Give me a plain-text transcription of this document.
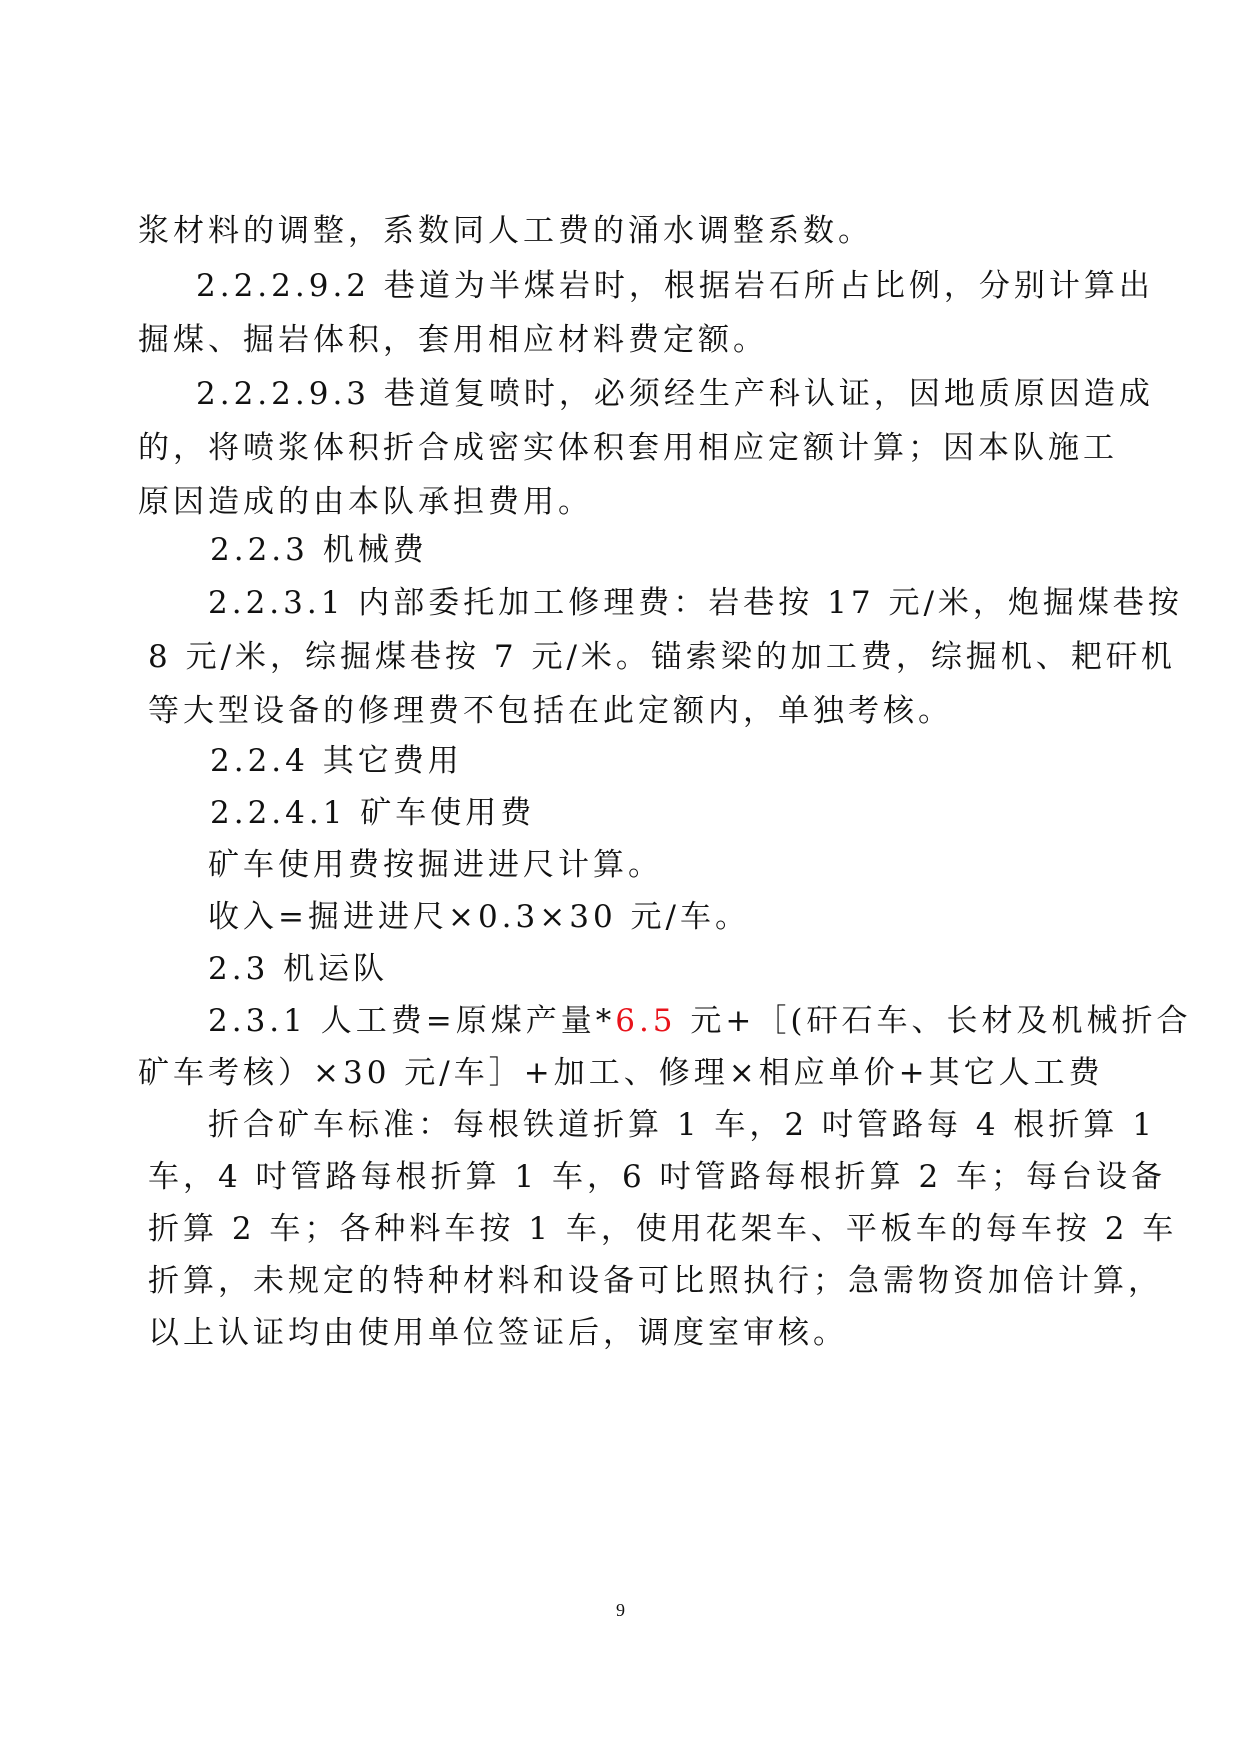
浆材料的调整，系数同人工费的涌水调整系数。
2.2.2.9.2 巷道为半煤岩时，根据岩石所占比例，分别计算出
掘煤、掘岩体积，套用相应材料费定额。
2.2.2.9.3 巷道复喷时，必须经生产科认证，因地质原因造成
的，将喷浆体积折合成密实体积套用相应定额计算；因本队施工
原因造成的由本队承担费用。
2.2.3 机械费
2.2.3.1 内部委托加工修理费：岩巷按 17 元/米，炮掘煤巷按
8 元/米，综掘煤巷按 7 元/米。锚索梁的加工费，综掘机、耙矸机
等大型设备的修理费不包括在此定额内，单独考核。
2.2.4 其它费用
2.2.4.1 矿车使用费
矿车使用费按掘进进尺计算。
收入=掘进进尺×0.3×30 元/车。
2.3 机运队
2.3.1 人工费=原煤产量*6.5 元+［(矸石车、长材及机械折合
矿车考核）×30 元/车］+加工、修理×相应单价+其它人工费
折合矿车标准：每根铁道折算 1 车，2 吋管路每 4 根折算 1
车，4 吋管路每根折算 1 车，6 吋管路每根折算 2 车；每台设备
折算 2 车；各种料车按 1 车，使用花架车、平板车的每车按 2 车
折算，未规定的特种材料和设备可比照执行；急需物资加倍计算，
以上认证均由使用单位签证后，调度室审核。
9
